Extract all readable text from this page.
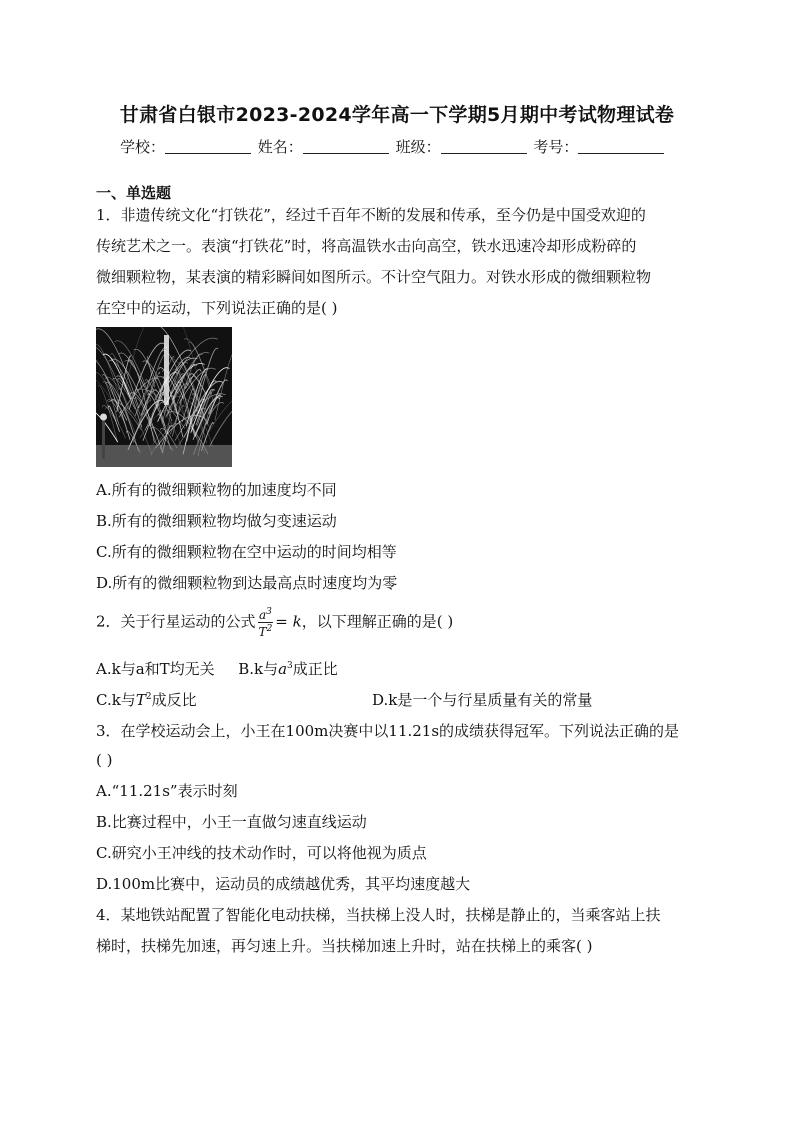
甘肃省白银市2023-2024学年高一下学期5月期中考试物理试卷
学校：	姓名：	班级：	考号：
一、单选题
1．非遗传统文化“打铁花”，经过千百年不断的发展和传承，至今仍是中国受欢迎的
传统艺术之一。表演“打铁花”时，将高温铁水击向高空，铁水迅速冷却形成粉碎的
微细颗粒物，某表演的精彩瞬间如图所示。不计空气阻力。对铁水形成的微细颗粒物
在空中的运动，下列说法正确的是( )
A.所有的微细颗粒物的加速度均不同
B.所有的微细颗粒物均做匀变速运动
C.所有的微细颗粒物在空中运动的时间均相等
D.所有的微细颗粒物到达最高点时速度均为零
2．关于行星运动的公式 $\frac{a^3}{T^2} = k$，以下理解正确的是( )
A.k与a和T均无关 B.k与$a^3$成正比
C.k与$T^2$成反比	D.k是一个与行星质量有关的常量
3．在学校运动会上，小王在100m决赛中以11.21s的成绩获得冠军。下列说法正确的是
( )
A.“11.21s”表示时刻
B.比赛过程中，小王一直做匀速直线运动
C.研究小王冲线的技术动作时，可以将他视为质点
D.100m比赛中，运动员的成绩越优秀，其平均速度越大
4．某地铁站配置了智能化电动扶梯，当扶梯上没人时，扶梯是静止的，当乘客站上扶
梯时，扶梯先加速，再匀速上升。当扶梯加速上升时，站在扶梯上的乘客( )
